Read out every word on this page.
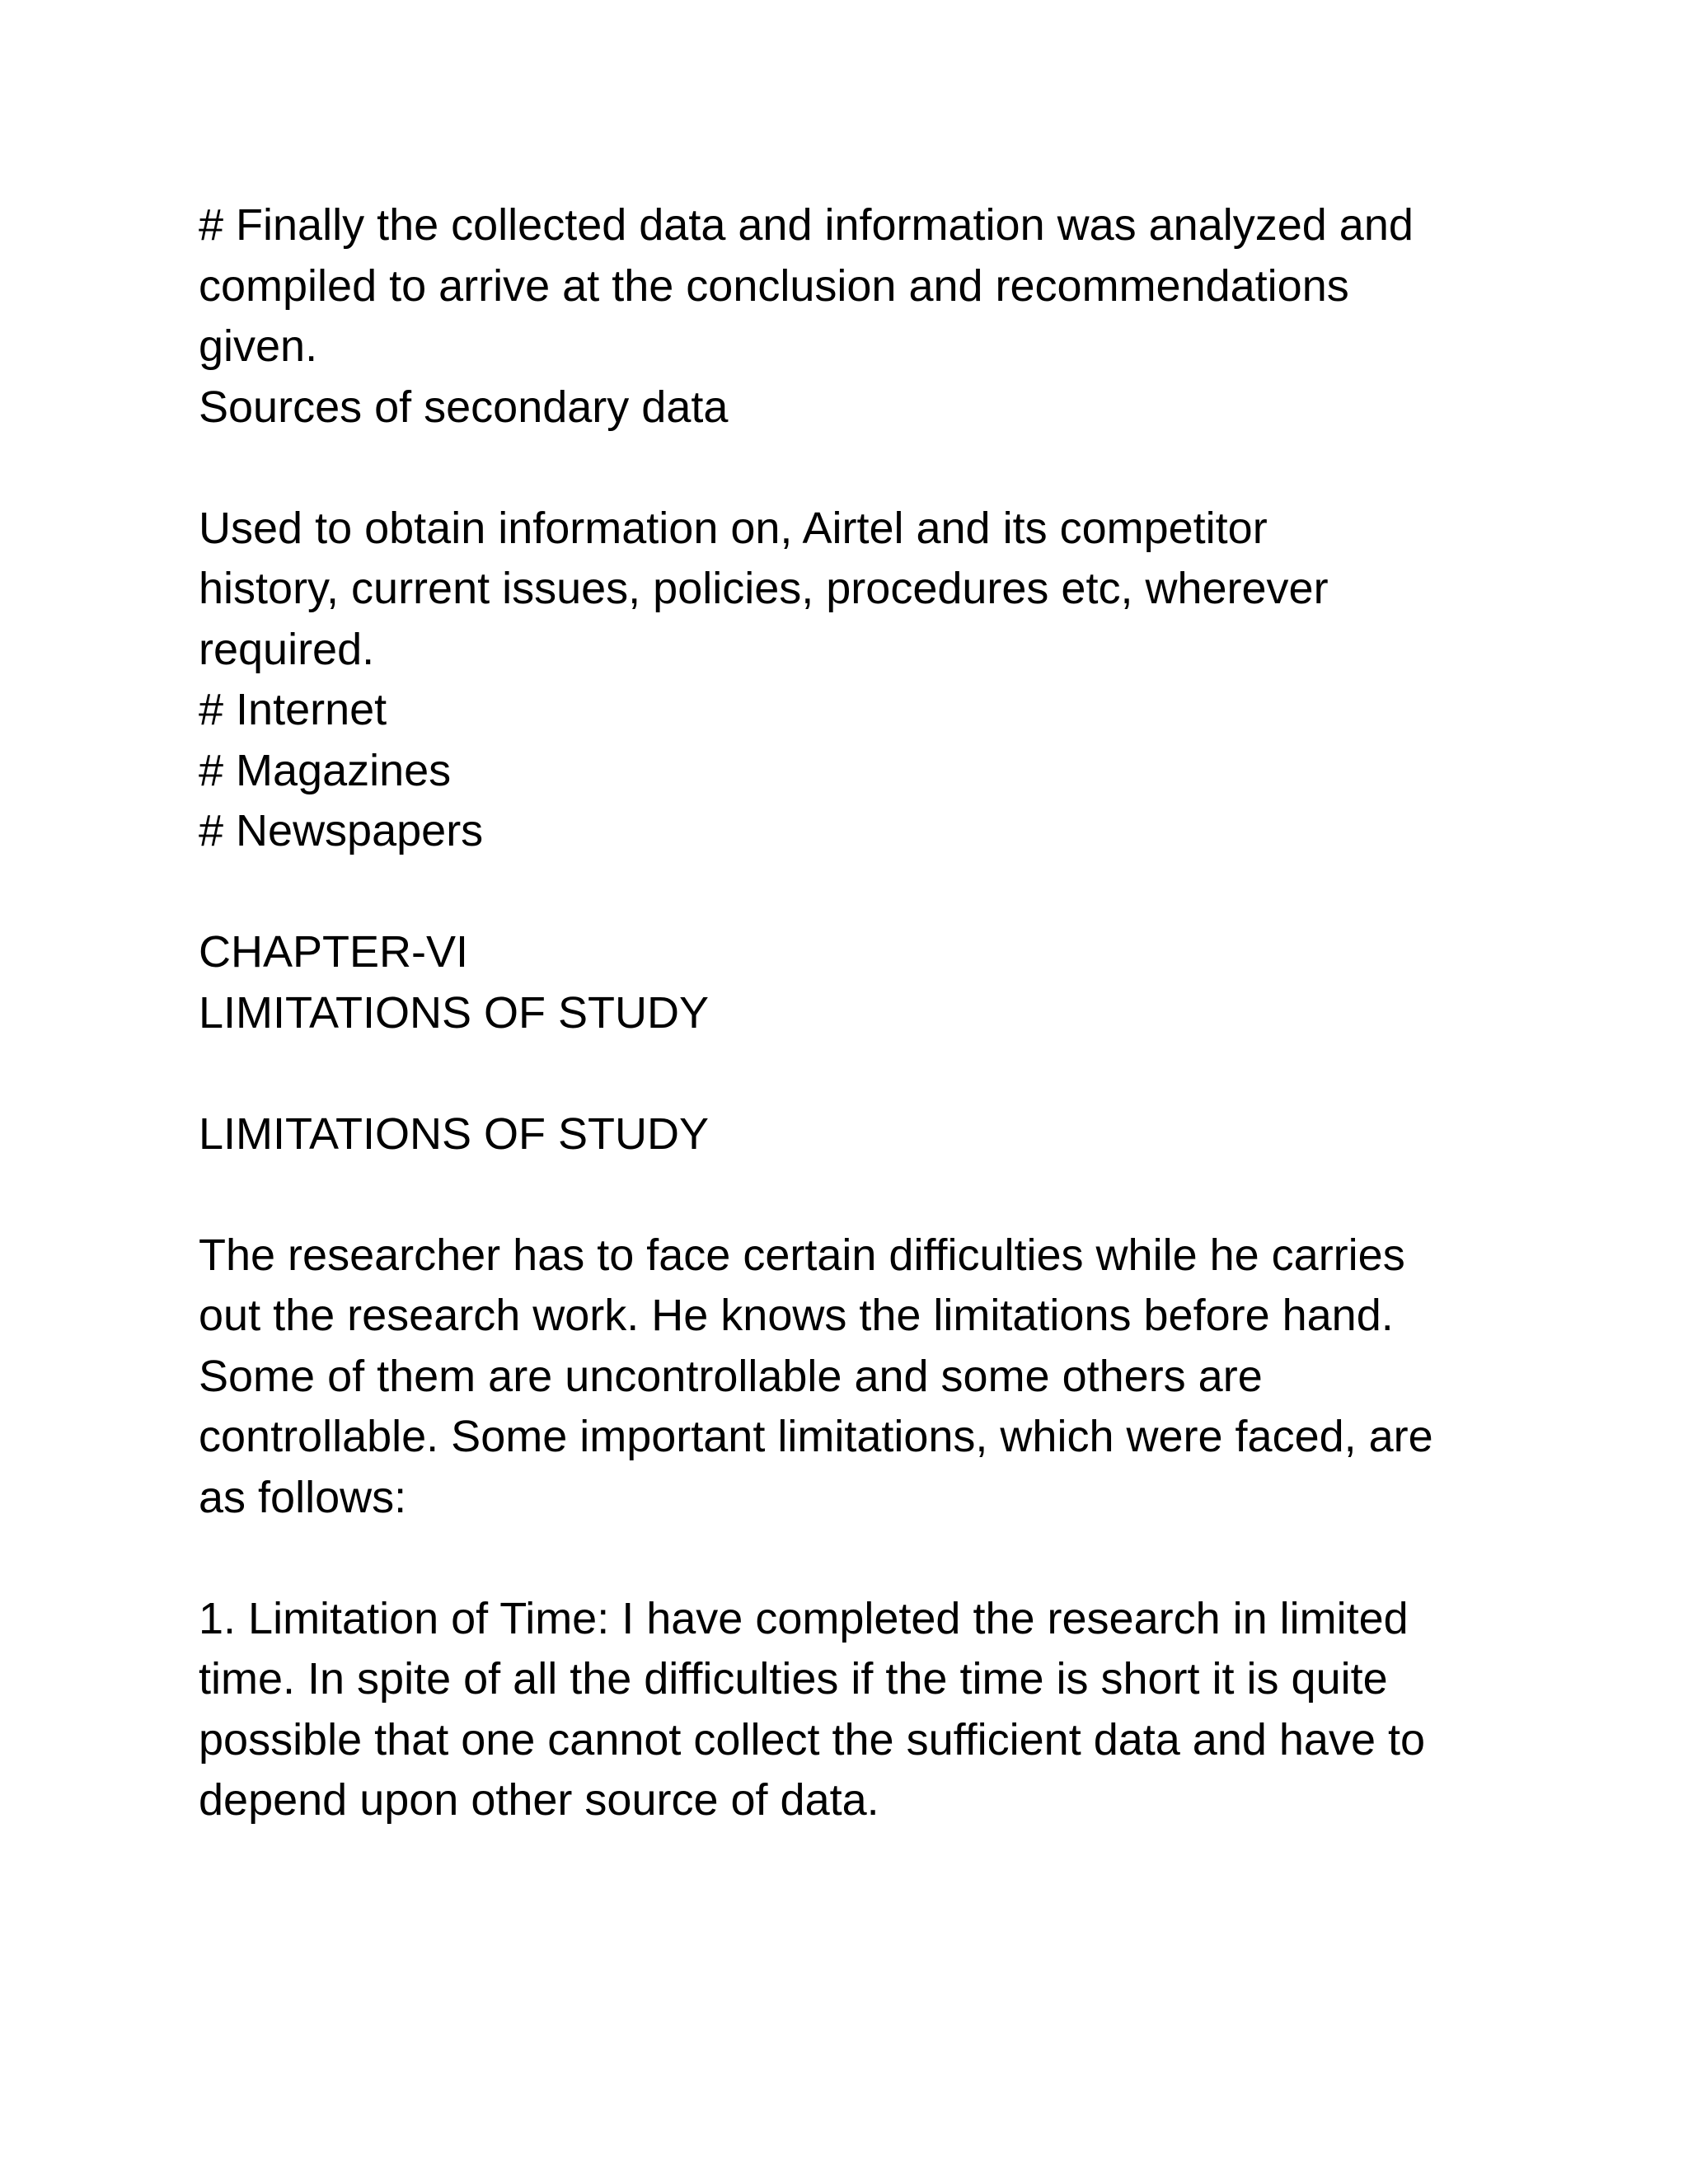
# Finally the collected data and information was analyzed and
compiled to arrive at the conclusion and recommendations
given.
Sources of secondary data
Used to obtain information on, Airtel and its competitor
history, current issues, policies, procedures etc, wherever
required.
# Internet
# Magazines
# Newspapers
CHAPTER-VI
LIMITATIONS OF STUDY
LIMITATIONS OF STUDY
The researcher has to face certain difficulties while he carries
out the research work. He knows the limitations before hand.
Some of them are uncontrollable and some others are
controllable. Some important limitations, which were faced, are
as follows:
1. Limitation of Time: I have completed the research in limited
time. In spite of all the difficulties if the time is short it is quite
possible that one cannot collect the sufficient data and have to
depend upon other source of data.
